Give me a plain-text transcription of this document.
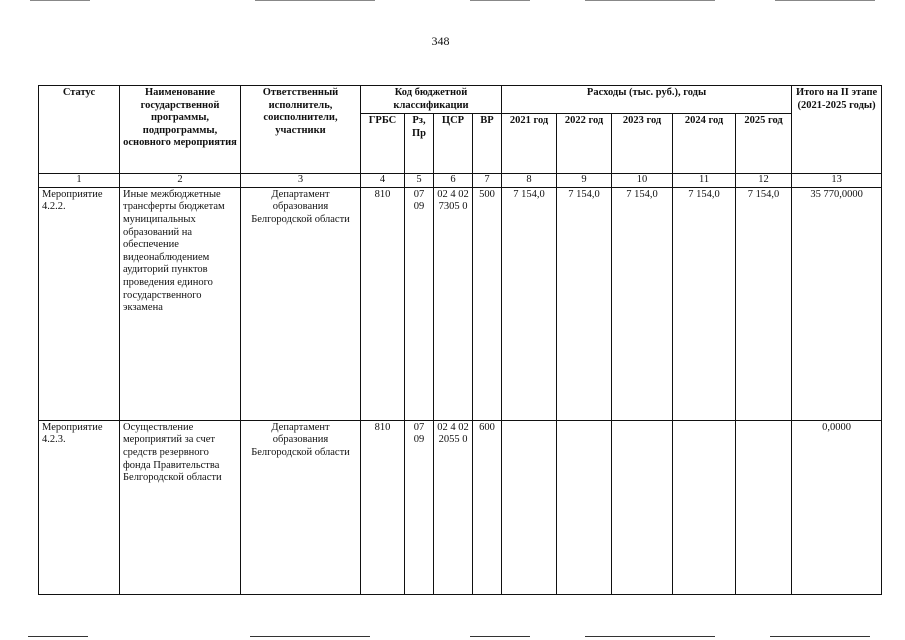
348
Статус	Наименование государственной программы, подпрограммы, основного мероприятия	Ответственный исполнитель, соисполнители, участники	Код бюджетной классификации				Расходы (тыс. руб.), годы					Итого на II этапе (2021-2025 годы)
			ГРБС	Рз, Пр	ЦСР	ВР	2021 год	2022 год	2023 год	2024 год	2025 год	
1	2	3	4	5	6	7	8	9	10	11	12	13
Мероприятие 4.2.2.	Иные межбюджетные трансферты бюджетам муниципальных образований на обеспечение видеонаблюдением аудиторий пунктов проведения единого государственного экзамена	Департамент образования Белгородской области	810	07 09	02 4 02 7305 0	500	7 154,0	7 154,0	7 154,0	7 154,0	7 154,0	35 770,0000
Мероприятие 4.2.3.	Осуществление мероприятий за счет средств резервного фонда Правительства Белгородской области	Департамент образования Белгородской области	810	07 09	02 4 02 2055 0	600						0,0000
